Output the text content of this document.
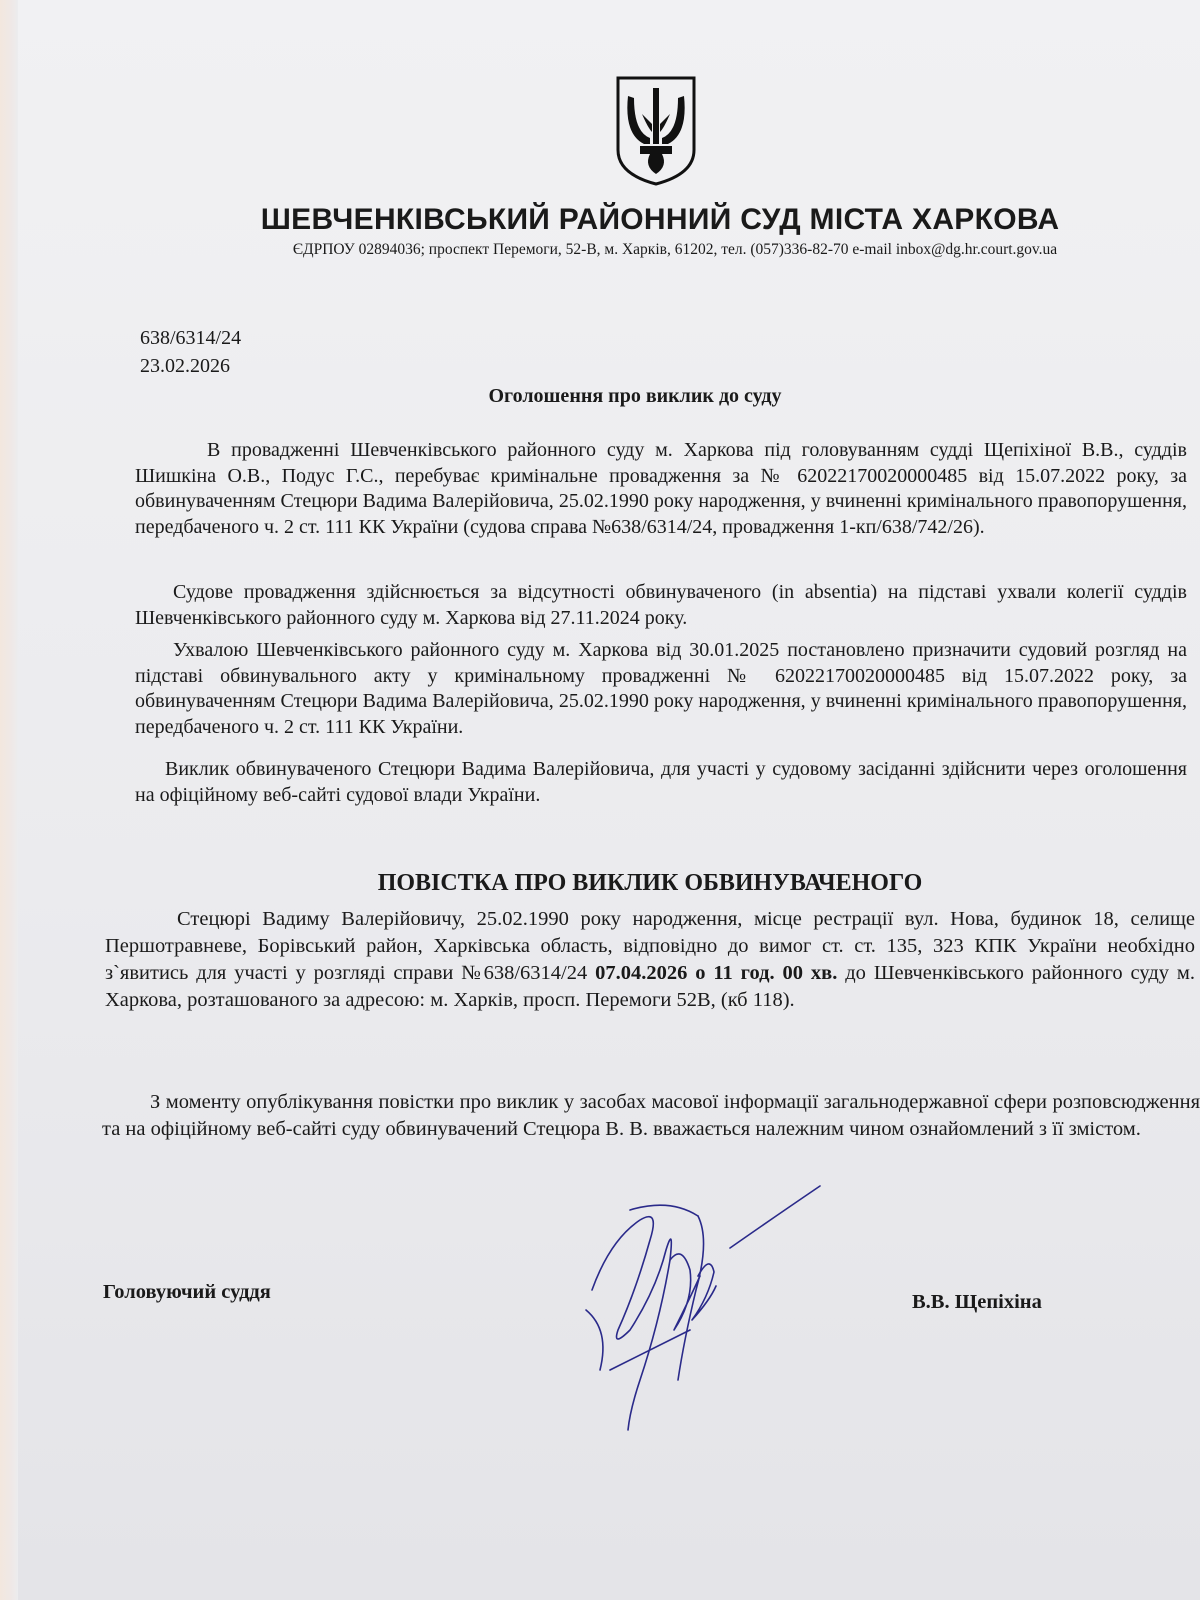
ШЕВЧЕНКІВСЬКИЙ РАЙОННИЙ СУД МІСТА ХАРКОВА
ЄДРПОУ 02894036; проспект Перемоги, 52-В, м. Харків, 61202, тел. (057)336-82-70 e-mail inbox@dg.hr.court.gov.ua
638/6314/24
23.02.2026
Оголошення про виклик до суду

В провадженні Шевченківського районного суду м. Харкова під головуванням судді Щепіхіної В.В., суддів Шишкіна О.В., Подус Г.С., перебуває кримінальне провадження за № 62022170020000485 від 15.07.2022 року, за обвинуваченням Стецюри Вадима Валерійовича, 25.02.1990 року народження, у вчиненні кримінального правопорушення, передбаченого ч. 2 ст. 111 КК України (судова справа №638/6314/24, провадження 1-кп/638/742/26).

Судове провадження здійснюється за відсутності обвинуваченого (in absentia) на підставі ухвали колегії суддів Шевченківського районного суду м. Харкова від 27.11.2024 року.

Ухвалою Шевченківського районного суду м. Харкова від 30.01.2025 постановлено призначити судовий розгляд на підставі обвинувального акту у кримінальному провадженні № 62022170020000485 від 15.07.2022 року, за обвинуваченням Стецюри Вадима Валерійовича, 25.02.1990 року народження, у вчиненні кримінального правопорушення, передбаченого ч. 2 ст. 111 КК України.

Виклик обвинуваченого Стецюри Вадима Валерійовича, для участі у судовому засіданні здійснити через оголошення на офіційному веб-сайті судової влади України.

ПОВІСТКА ПРО ВИКЛИК ОБВИНУВАЧЕНОГО

Стецюрі Вадиму Валерійовичу, 25.02.1990 року народження, місце рестрації вул. Нова, будинок 18, селище Першотравневе, Борівський район, Харківська область, відповідно до вимог ст. ст. 135, 323 КПК України необхідно з`явитись для участі у розгляді справи №638/6314/24 07.04.2026 о 11 год. 00 хв. до Шевченківського районного суду м. Харкова, розташованого за адресою: м. Харків, просп. Перемоги 52В, (кб 118).

З моменту опублікування повістки про виклик у засобах масової інформації загальнодержавної сфери розповсюдження та на офіційному веб-сайті суду обвинувачений Стецюра В. В. вважається належним чином ознайомлений з її змістом.

Головуючий суддя	В.В. Щепіхіна
